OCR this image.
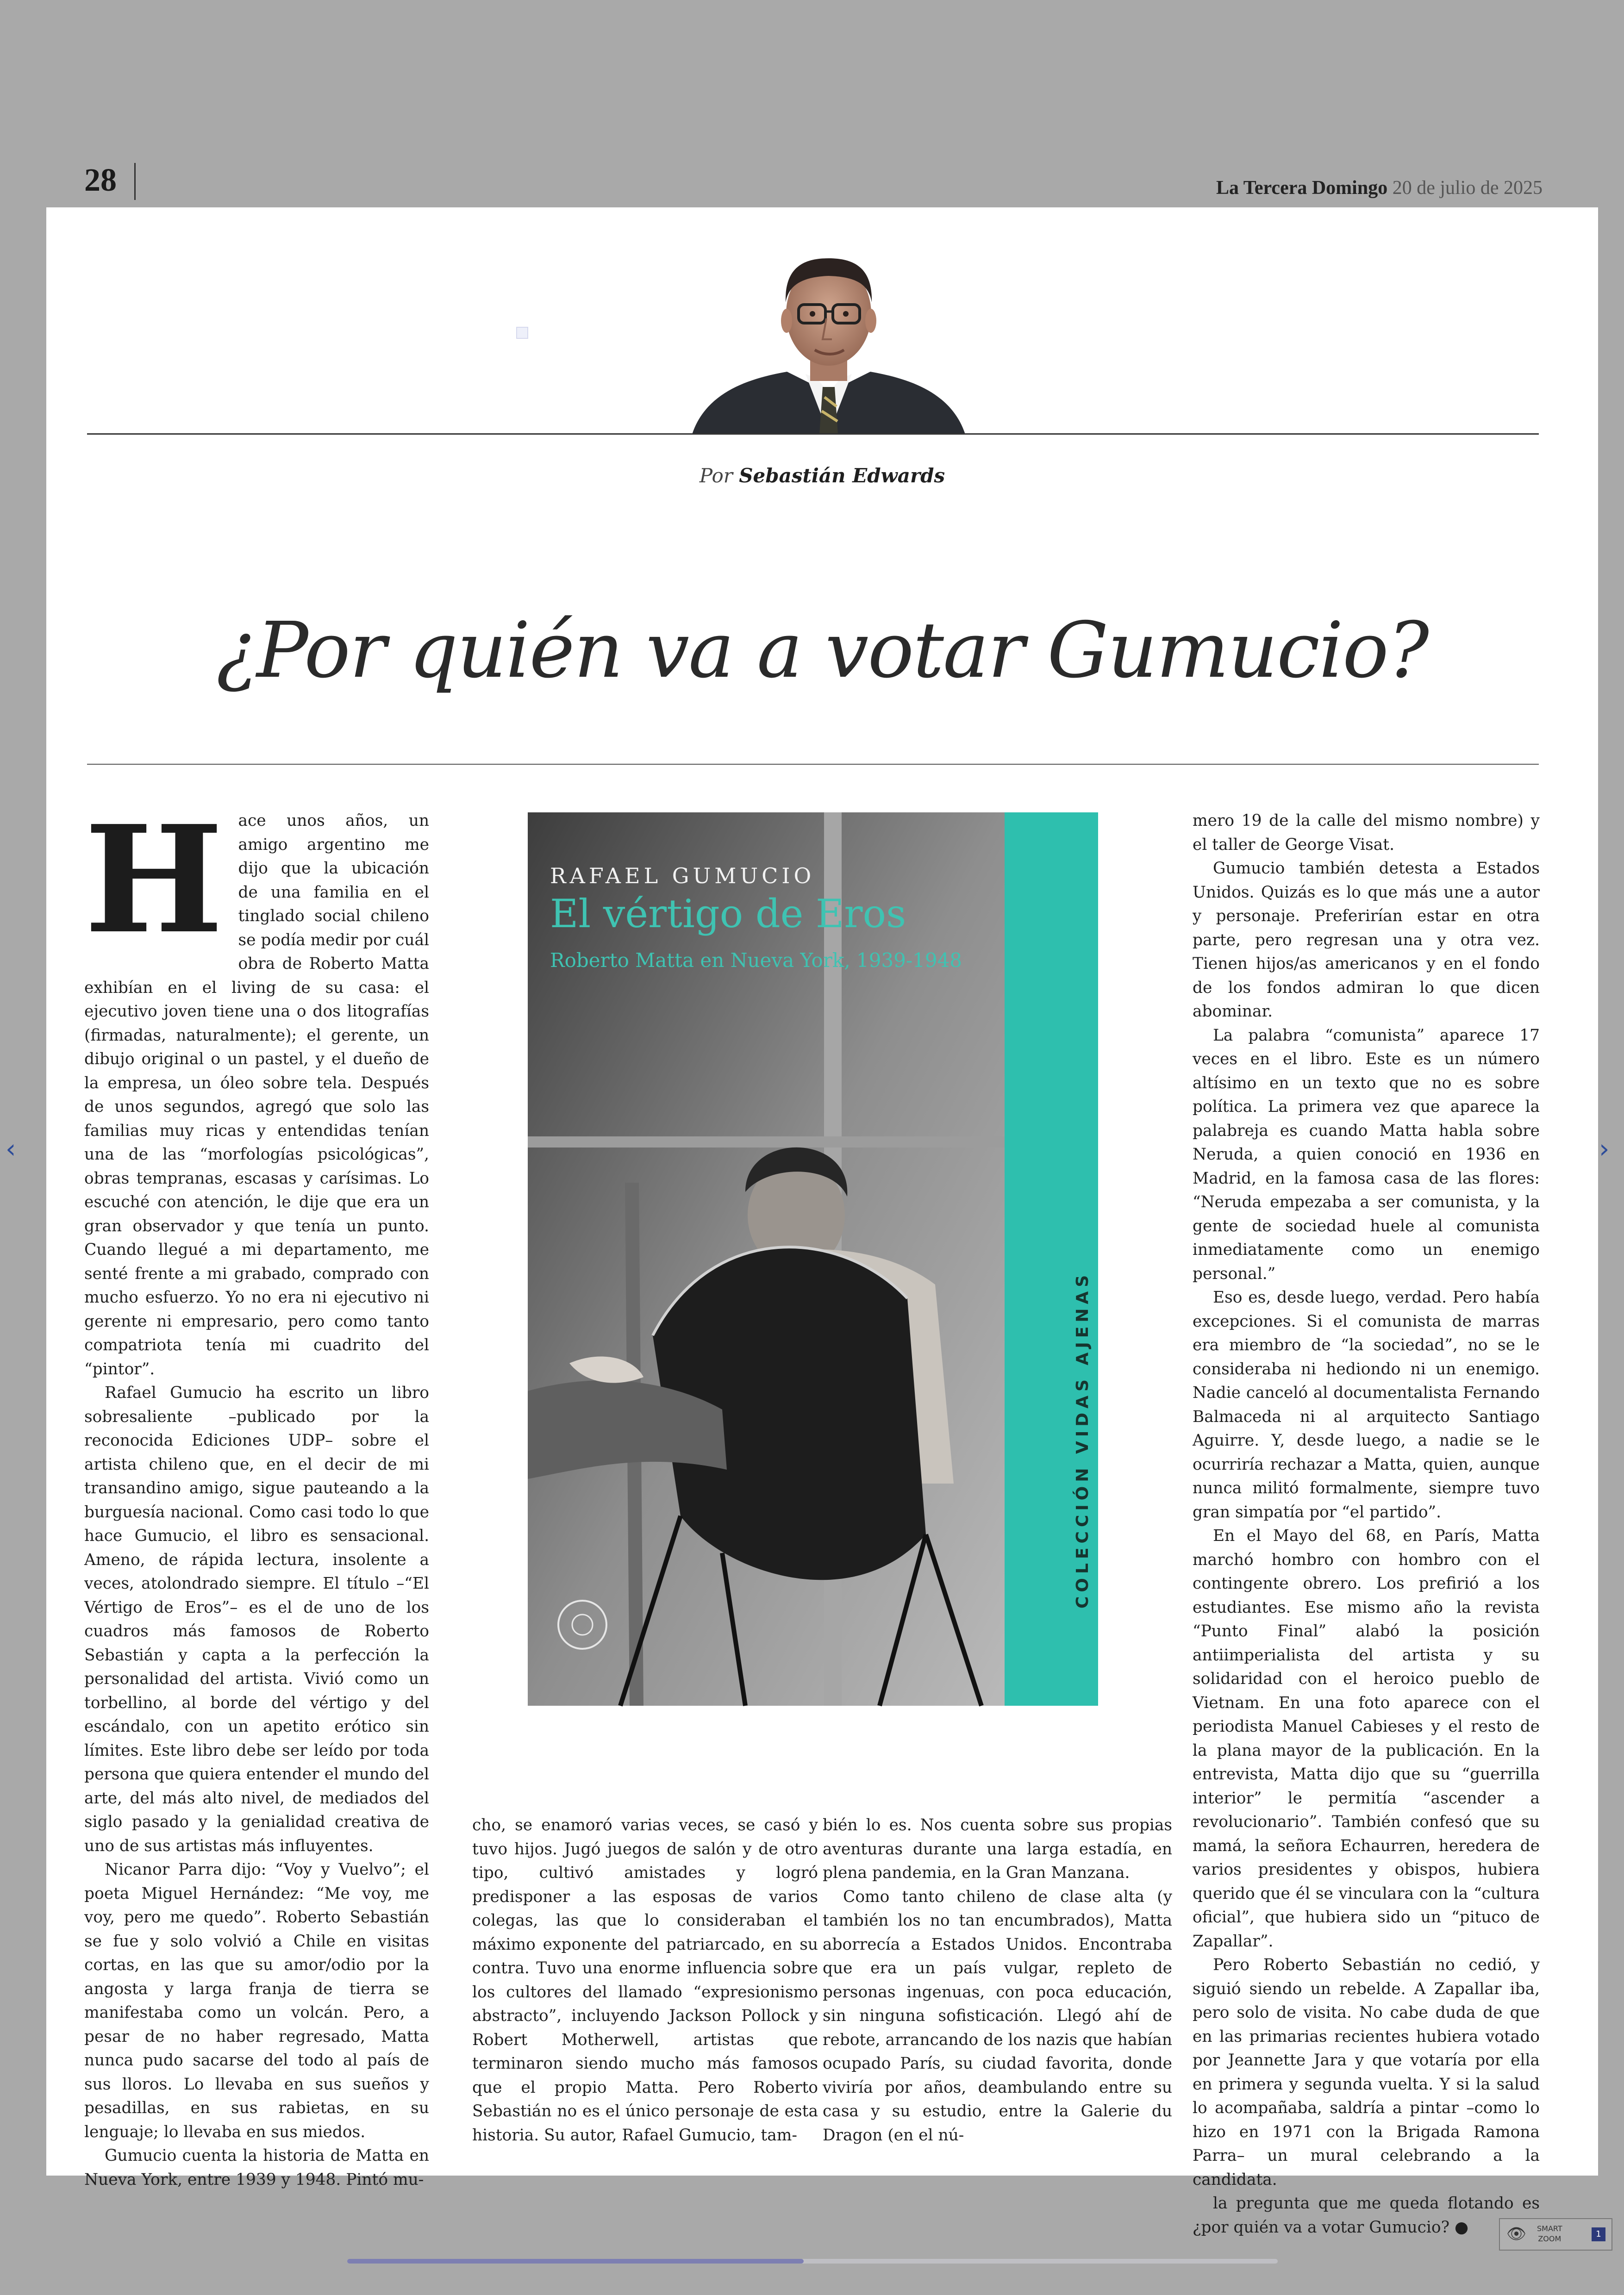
28	La Tercera Domingo 20 de julio de 2025
Por Sebastián Edwards
¿Por quién va a votar Gumucio?

Hace unos años, un amigo argentino me dijo que la ubicación de una familia en el tinglado social chileno se podía medir por cuál obra de Roberto Matta exhibían en el living de su casa: el ejecutivo joven tiene una o dos litografías (firmadas, naturalmente); el gerente, un dibujo original o un pastel, y el dueño de la empresa, un óleo sobre tela. Después de unos segundos, agregó que solo las familias muy ricas y entendidas tenían una de las “morfologías psicológicas”, obras tempranas, escasas y carísimas. Lo escuché con atención, le dije que era un gran observador y que tenía un punto. Cuando llegué a mi departamento, me senté frente a mi grabado, comprado con mucho esfuerzo. Yo no era ni ejecutivo ni gerente ni empresario, pero como tanto compatriota tenía mi cuadrito del “pintor”.

Rafael Gumucio ha escrito un libro sobresaliente –publicado por la reconocida Ediciones UDP– sobre el artista chileno que, en el decir de mi transandino amigo, sigue pauteando a la burguesía nacional. Como casi todo lo que hace Gumucio, el libro es sensacional. Ameno, de rápida lectura, insolente a veces, atolondrado siempre. El título –“El Vértigo de Eros”– es el de uno de los cuadros más famosos de Roberto Sebastián y capta a la perfección la personalidad del artista. Vivió como un torbellino, al borde del vértigo y del escándalo, con un apetito erótico sin límites. Este libro debe ser leído por toda persona que quiera entender el mundo del arte, del más alto nivel, de mediados del siglo pasado y la genialidad creativa de uno de sus artistas más influyentes.

Nicanor Parra dijo: “Voy y Vuelvo”; el poeta Miguel Hernández: “Me voy, me voy, pero me quedo”. Roberto Sebastián se fue y solo volvió a Chile en visitas cortas, en las que su amor/odio por la angosta y larga franja de tierra se manifestaba como un volcán. Pero, a pesar de no haber regresado, Matta nunca pudo sacarse del todo al país de sus lloros. Lo llevaba en sus sueños y pesadillas, en sus rabietas, en su lenguaje; lo llevaba en sus miedos.

Gumucio cuenta la historia de Matta en Nueva York, entre 1939 y 1948. Pintó mu-

RAFAEL GUMUCIO
El vértigo de Eros
Roberto Matta en Nueva York, 1939-1948
COLECCIÓN VIDAS AJENAS

cho, se enamoró varias veces, se casó y tuvo hijos. Jugó juegos de salón y de otro tipo, cultivó amistades y logró predisponer a las esposas de varios colegas, las que lo consideraban el máximo exponente del patriarcado, en su contra. Tuvo una enorme influencia sobre los cultores del llamado “expresionismo abstracto”, incluyendo Jackson Pollock y Robert Motherwell, artistas que terminaron siendo mucho más famosos que el propio Matta. Pero Roberto Sebastián no es el único personaje de esta historia. Su autor, Rafael Gumucio, tam-

bién lo es. Nos cuenta sobre sus propias aventuras durante una larga estadía, en plena pandemia, en la Gran Manzana.

Como tanto chileno de clase alta (y también los no tan encumbrados), Matta aborrecía a Estados Unidos. Encontraba que era un país vulgar, repleto de personas ingenuas, con poca educación, sin ninguna sofisticación. Llegó ahí de rebote, arrancando de los nazis que habían ocupado París, su ciudad favorita, donde viviría por años, deambulando entre su casa y su estudio, entre la Galerie du Dragon (en el nú-

mero 19 de la calle del mismo nombre) y el taller de George Visat.

Gumucio también detesta a Estados Unidos. Quizás es lo que más une a autor y personaje. Preferirían estar en otra parte, pero regresan una y otra vez. Tienen hijos/as americanos y en el fondo de los fondos admiran lo que dicen abominar.

La palabra “comunista” aparece 17 veces en el libro. Este es un número altísimo en un texto que no es sobre política. La primera vez que aparece la palabreja es cuando Matta habla sobre Neruda, a quien conoció en 1936 en Madrid, en la famosa casa de las flores: “Neruda empezaba a ser comunista, y la gente de sociedad huele al comunista inmediatamente como un enemigo personal.”

Eso es, desde luego, verdad. Pero había excepciones. Si el comunista de marras era miembro de “la sociedad”, no se le consideraba ni hediondo ni un enemigo. Nadie canceló al documentalista Fernando Balmaceda ni al arquitecto Santiago Aguirre. Y, desde luego, a nadie se le ocurriría rechazar a Matta, quien, aunque nunca militó formalmente, siempre tuvo gran simpatía por “el partido”.

En el Mayo del 68, en París, Matta marchó hombro con hombro con el contingente obrero. Los prefirió a los estudiantes. Ese mismo año la revista “Punto Final” alabó la posición antiimperialista del artista y su solidaridad con el heroico pueblo de Vietnam. En una foto aparece con el periodista Manuel Cabieses y el resto de la plana mayor de la publicación. En la entrevista, Matta dijo que su “guerrilla interior” le permitía “ascender a revolucionario”. También confesó que su mamá, la señora Echaurren, heredera de varios presidentes y obispos, hubiera querido que él se vinculara con la “cultura oficial”, que hubiera sido un “pituco de Zapallar”.

Pero Roberto Sebastián no cedió, y siguió siendo un rebelde. A Zapallar iba, pero solo de visita. No cabe duda de que en las primarias recientes hubiera votado por Jeannette Jara y que votaría por ella en primera y segunda vuelta. Y si la salud lo acompañaba, saldría a pintar –como lo hizo en 1971 con la Brigada Ramona Parra– un mural celebrando a la candidata.

la pregunta que me queda flotando es ¿por quién va a votar Gumucio? ●

‹	›
👁 SMART
ZOOM	1
